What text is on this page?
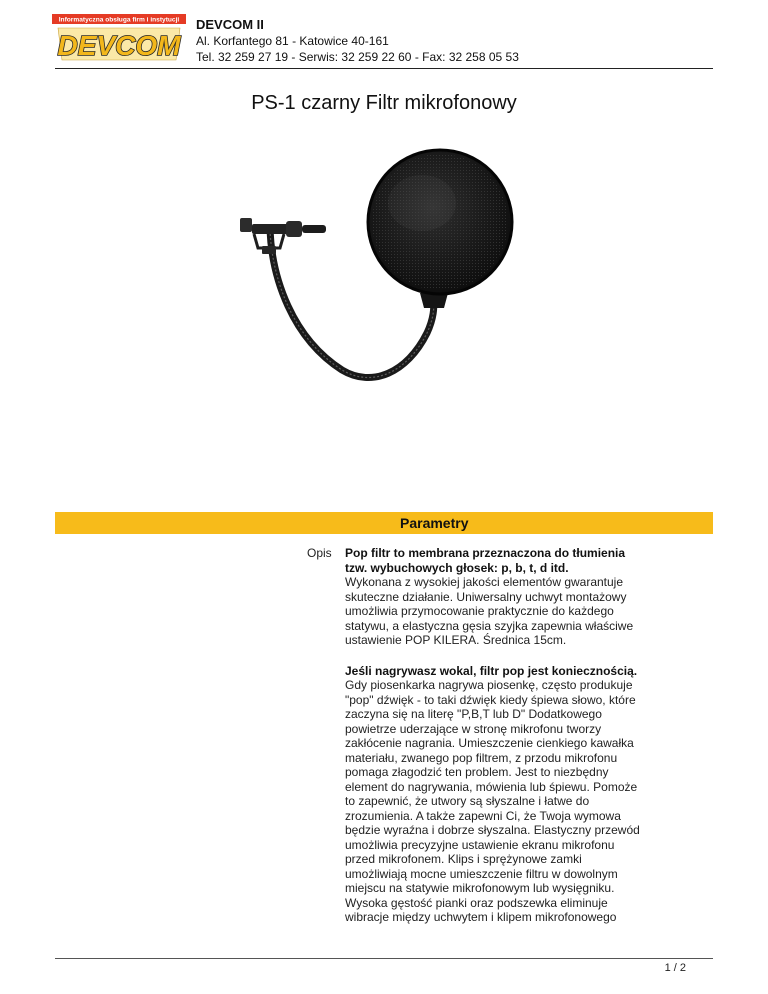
Informatyczna obsługa firm i instytucji
DEVCOM
DEVCOM II
Al. Korfantego 81 - Katowice 40-161
Tel. 32 259 27 19 - Serwis: 32 259 22 60 - Fax: 32 258 05 53
PS-1 czarny Filtr mikrofonowy
Parametry
Opis Pop filtr to membrana przeznaczona do tłumienia tzw. wybuchowych głosek: p, b, t, d itd.
Wykonana z wysokiej jakości elementów gwarantuje skuteczne działanie. Uniwersalny uchwyt montażowy umożliwia przymocowanie praktycznie do każdego statywu, a elastyczna gęsia szyjka zapewnia właściwe ustawienie POP KILERA. Średnica 15cm.

Jeśli nagrywasz wokal, filtr pop jest koniecznością.
Gdy piosenkarka nagrywa piosenkę, często produkuje "pop" dźwięk - to taki dźwięk kiedy śpiewa słowo, które zaczyna się na literę "P,B,T lub D" Dodatkowego powietrze uderzające w stronę mikrofonu tworzy zakłócenie nagrania. Umieszczenie cienkiego kawałka materiału, zwanego pop filtrem, z przodu mikrofonu pomaga złagodzić ten problem. Jest to niezbędny element do nagrywania, mówienia lub śpiewu. Pomoże to zapewnić, że utwory są słyszalne i łatwe do zrozumienia. A także zapewni Ci, że Twoja wymowa będzie wyraźna i dobrze słyszalna. Elastyczny przewód umożliwia precyzyjne ustawienie ekranu mikrofonu przed mikrofonem. Klips i sprężynowe zamki umożliwiają mocne umieszczenie filtru w dowolnym miejscu na statywie mikrofonowym lub wysięgniku. Wysoka gęstość pianki oraz podszewka eliminuje wibracje między uchwytem i klipem mikrofonowego

1 / 2
